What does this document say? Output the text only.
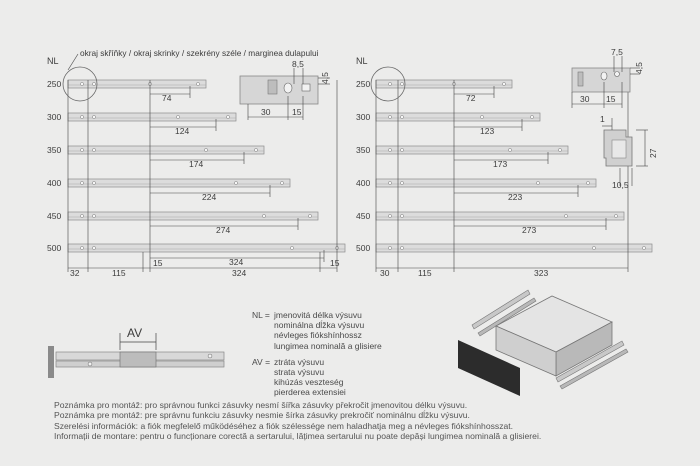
250
74
300
124
350
174
400
224
450
274
500
324
32	115	324
15	15
250
72
300
123
350
173
400
223
450
273
500
30	115	323
NL	NL
okraj skříňky / okraj skrinky / szekrény széle / marginea dulapului
8,5
4,5
30	15
7,5
4,5
30 15
1
27
10,5
AV
NL = jmenovitá délka výsuvu
nominálna dĺžka výsuvu
névleges fiókshínhossz
lungimea nominală a glisiere
AV = ztráta výsuvu
strata výsuvu
kihúzás veszteség
pierderea extensiei
Poznámka pro montáž: pro správnou funkci zásuvky nesmí šířka zásuvky překročit jmenovitou délku výsuvu.
Poznámka pre montáž: pre správnu funkciu zásuvky nesmie šírka zásuvky prekročiť nominálnu dĺžku výsuvu.
Szerelési információk: a fiók megfelelő működéséhez a fiók szélessége nem haladhatja meg a névleges fiókshínhosszat.
Informații de montare: pentru o funcționare corectă a sertarului, lățimea sertarului nu poate depăși lungimea nominală a glisierei.
